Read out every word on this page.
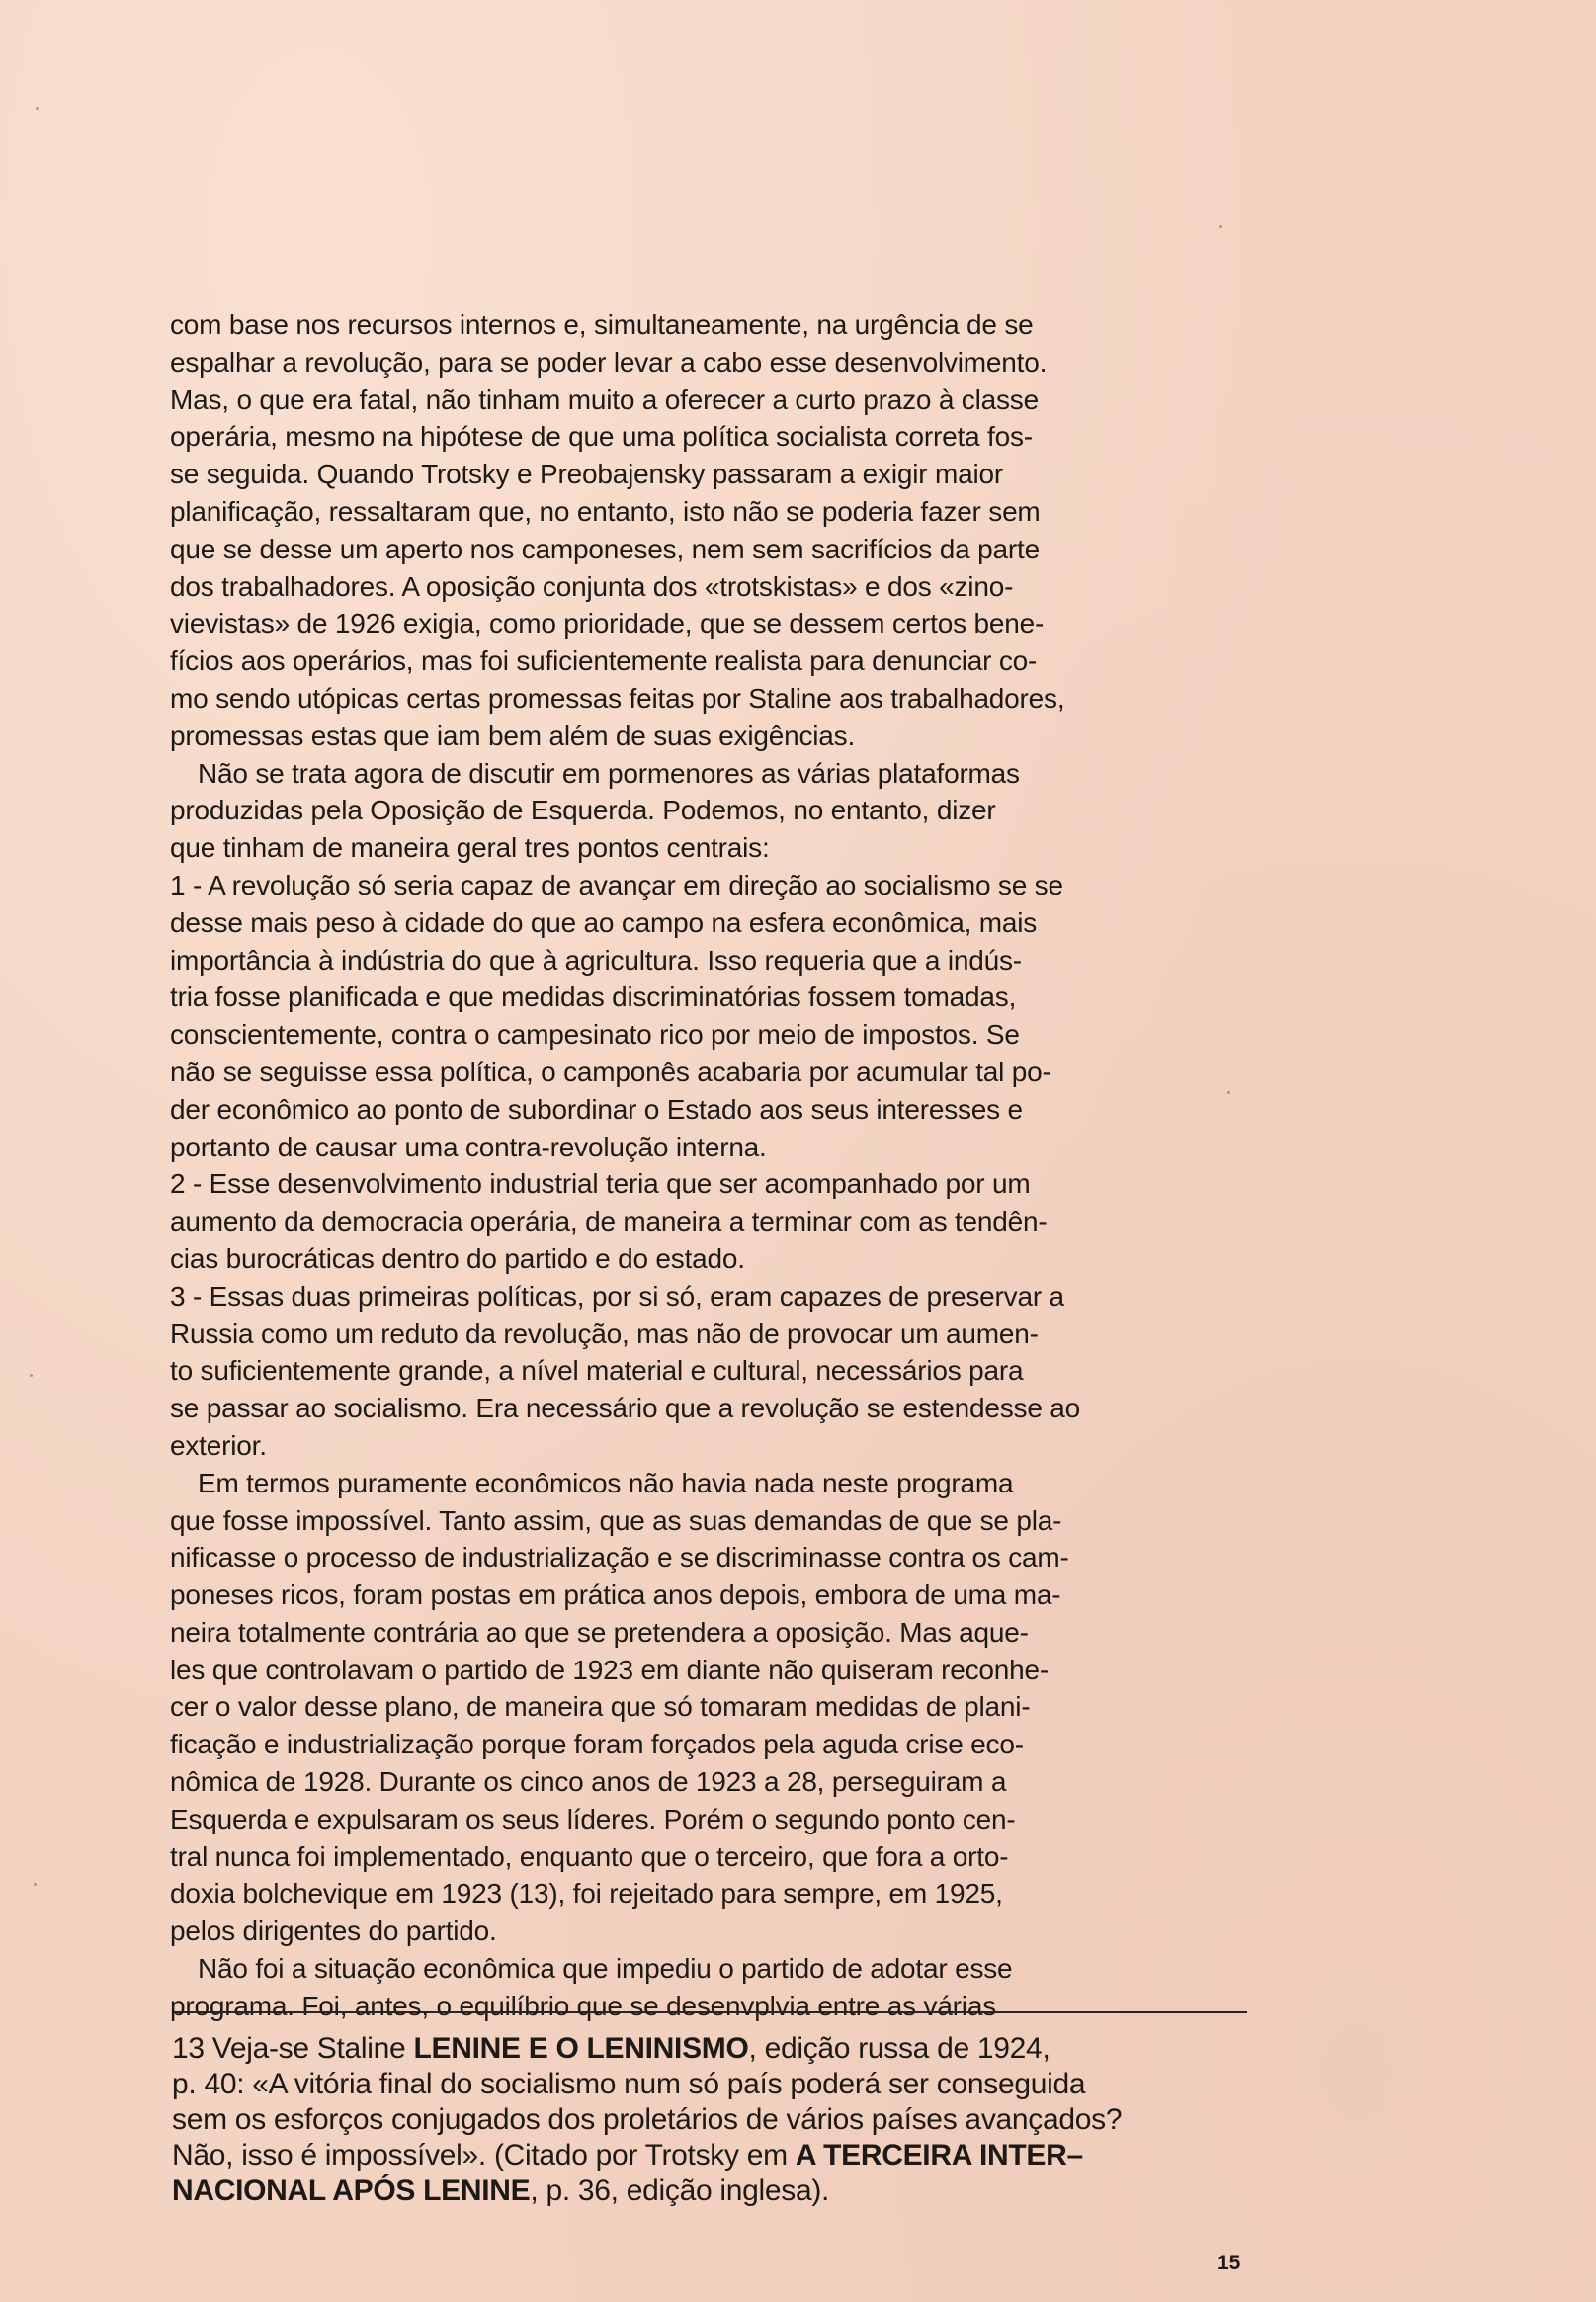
com base nos recursos internos e, simultaneamente, na urgência de se
espalhar a revolução, para se poder levar a cabo esse desenvolvimento.
Mas, o que era fatal, não tinham muito a oferecer a curto prazo à classe
operária, mesmo na hipótese de que uma política socialista correta fos-
se seguida. Quando Trotsky e Preobajensky passaram a exigir maior
planificação, ressaltaram que, no entanto, isto não se poderia fazer sem
que se desse um aperto nos camponeses, nem sem sacrifícios da parte
dos trabalhadores. A oposição conjunta dos «trotskistas» e dos «zino-
vievistas» de 1926 exigia, como prioridade, que se dessem certos bene-
fícios aos operários, mas foi suficientemente realista para denunciar co-
mo sendo utópicas certas promessas feitas por Staline aos trabalhadores,
promessas estas que iam bem além de suas exigências.
Não se trata agora de discutir em pormenores as várias plataformas
produzidas pela Oposição de Esquerda. Podemos, no entanto, dizer
que tinham de maneira geral tres pontos centrais:
1 - A revolução só seria capaz de avançar em direção ao socialismo se se
desse mais peso à cidade do que ao campo na esfera econômica, mais
importância à indústria do que à agricultura. Isso requeria que a indús-
tria fosse planificada e que medidas discriminatórias fossem tomadas,
conscientemente, contra o campesinato rico por meio de impostos. Se
não se seguisse essa política, o camponês acabaria por acumular tal po-
der econômico ao ponto de subordinar o Estado aos seus interesses e
portanto de causar uma contra-revolução interna.
2 - Esse desenvolvimento industrial teria que ser acompanhado por um
aumento da democracia operária, de maneira a terminar com as tendên-
cias burocráticas dentro do partido e do estado.
3 - Essas duas primeiras políticas, por si só, eram capazes de preservar a
Russia como um reduto da revolução, mas não de provocar um aumen-
to suficientemente grande, a nível material e cultural, necessários para
se passar ao socialismo. Era necessário que a revolução se estendesse ao
exterior.
Em termos puramente econômicos não havia nada neste programa
que fosse impossível. Tanto assim, que as suas demandas de que se pla-
nificasse o processo de industrialização e se discriminasse contra os cam-
poneses ricos, foram postas em prática anos depois, embora de uma ma-
neira totalmente contrária ao que se pretendera a oposição. Mas aque-
les que controlavam o partido de 1923 em diante não quiseram reconhe-
cer o valor desse plano, de maneira que só tomaram medidas de plani-
ficação e industrialização porque foram forçados pela aguda crise eco-
nômica de 1928. Durante os cinco anos de 1923 a 28, perseguiram a
Esquerda e expulsaram os seus líderes. Porém o segundo ponto cen-
tral nunca foi implementado, enquanto que o terceiro, que fora a orto-
doxia bolchevique em 1923 (13), foi rejeitado para sempre, em 1925,
pelos dirigentes do partido.
Não foi a situação econômica que impediu o partido de adotar esse
programa. Foi, antes, o equilíbrio que se desenvplvia entre as várias
13 Veja-se Staline LENINE E O LENINISMO, edição russa de 1924,
p. 40: «A vitória final do socialismo num só país poderá ser conseguida
sem os esforços conjugados dos proletários de vários países avançados?
Não, isso é impossível». (Citado por Trotsky em A TERCEIRA INTER–
NACIONAL APÓS LENINE, p. 36, edição inglesa).
15
